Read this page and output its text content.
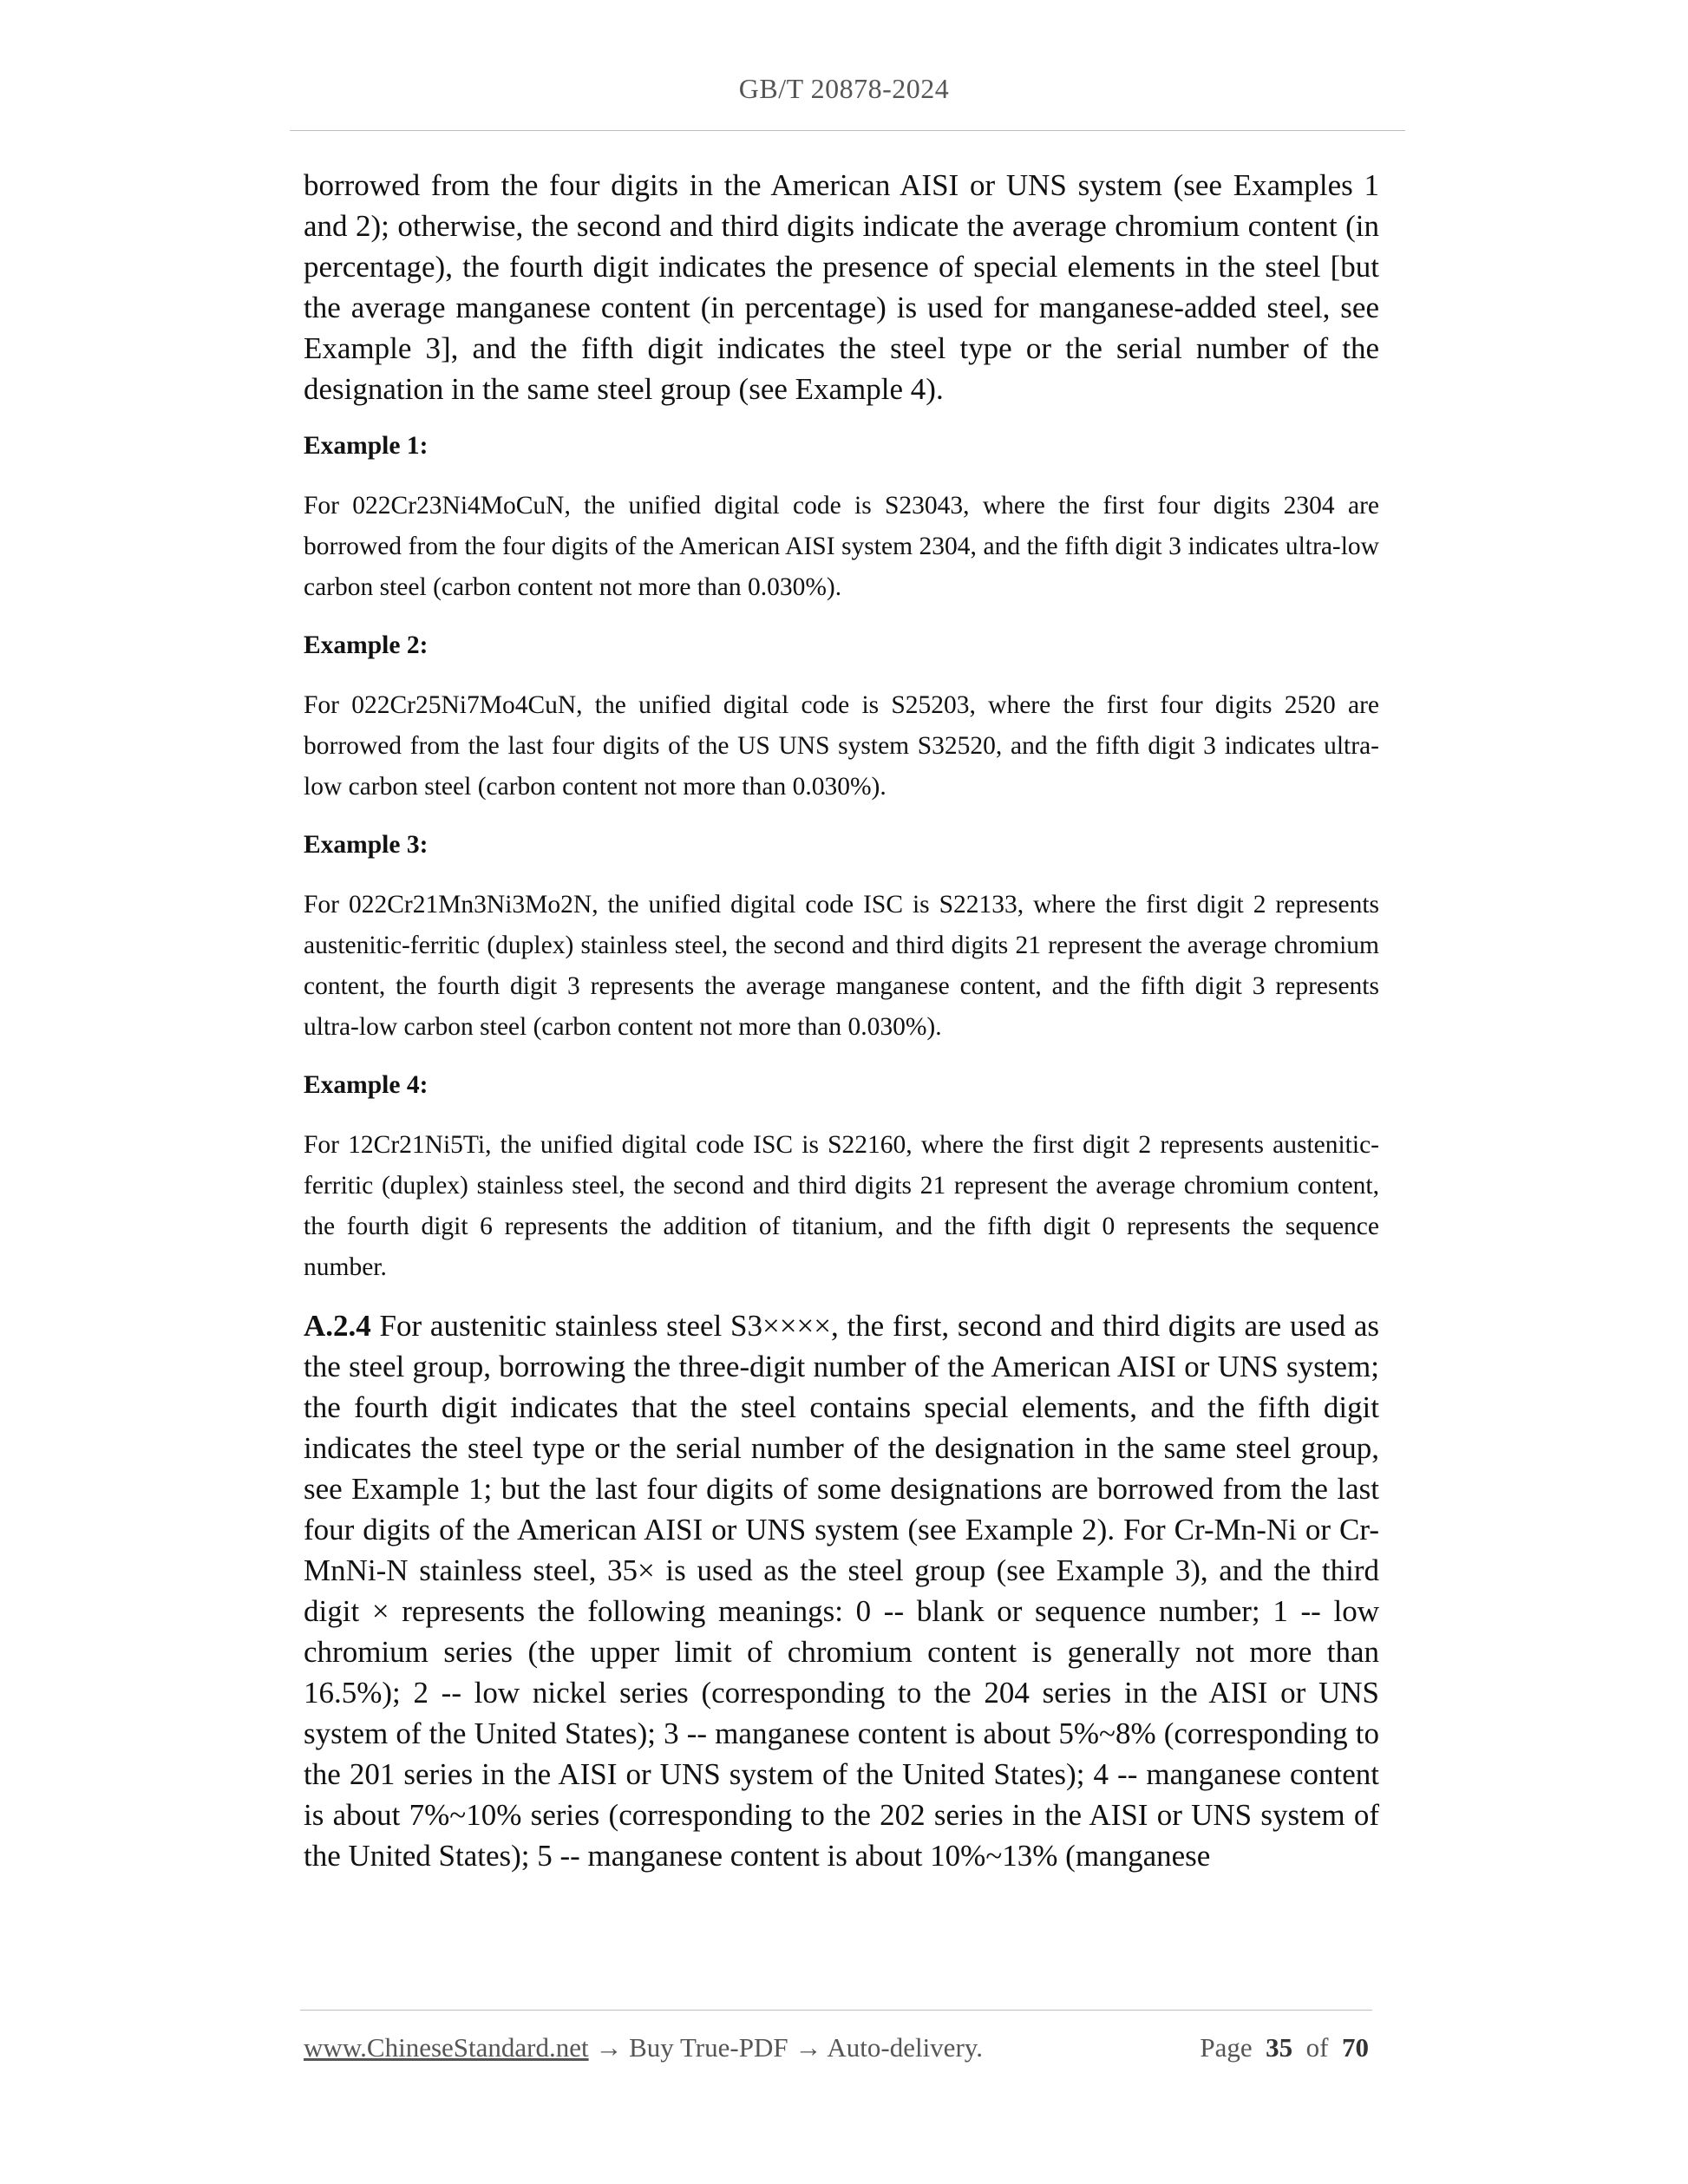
GB/T 20878-2024

borrowed from the four digits in the American AISI or UNS system (see Examples 1 and 2); otherwise, the second and third digits indicate the average chromium content (in percentage), the fourth digit indicates the presence of special elements in the steel [but the average manganese content (in percentage) is used for manganese-added steel, see Example 3], and the fifth digit indicates the steel type or the serial number of the designation in the same steel group (see Example 4).

Example 1:

For 022Cr23Ni4MoCuN, the unified digital code is S23043, where the first four digits 2304 are borrowed from the four digits of the American AISI system 2304, and the fifth digit 3 indicates ultra-low carbon steel (carbon content not more than 0.030%).

Example 2:

For 022Cr25Ni7Mo4CuN, the unified digital code is S25203, where the first four digits 2520 are borrowed from the last four digits of the US UNS system S32520, and the fifth digit 3 indicates ultra-low carbon steel (carbon content not more than 0.030%).

Example 3:

For 022Cr21Mn3Ni3Mo2N, the unified digital code ISC is S22133, where the first digit 2 represents austenitic-ferritic (duplex) stainless steel, the second and third digits 21 represent the average chromium content, the fourth digit 3 represents the average manganese content, and the fifth digit 3 represents ultra-low carbon steel (carbon content not more than 0.030%).

Example 4:

For 12Cr21Ni5Ti, the unified digital code ISC is S22160, where the first digit 2 represents austenitic-ferritic (duplex) stainless steel, the second and third digits 21 represent the average chromium content, the fourth digit 6 represents the addition of titanium, and the fifth digit 0 represents the sequence number.

A.2.4 For austenitic stainless steel S3××××, the first, second and third digits are used as the steel group, borrowing the three-digit number of the American AISI or UNS system; the fourth digit indicates that the steel contains special elements, and the fifth digit indicates the steel type or the serial number of the designation in the same steel group, see Example 1; but the last four digits of some designations are borrowed from the last four digits of the American AISI or UNS system (see Example 2). For Cr-Mn-Ni or Cr-MnNi-N stainless steel, 35× is used as the steel group (see Example 3), and the third digit × represents the following meanings: 0 -- blank or sequence number; 1 -- low chromium series (the upper limit of chromium content is generally not more than 16.5%); 2 -- low nickel series (corresponding to the 204 series in the AISI or UNS system of the United States); 3 -- manganese content is about 5%~8% (corresponding to the 201 series in the AISI or UNS system of the United States); 4 -- manganese content is about 7%~10% series (corresponding to the 202 series in the AISI or UNS system of the United States); 5 -- manganese content is about 10%~13% (manganese

www.ChineseStandard.net → Buy True-PDF → Auto-delivery.	Page 35 of 70
